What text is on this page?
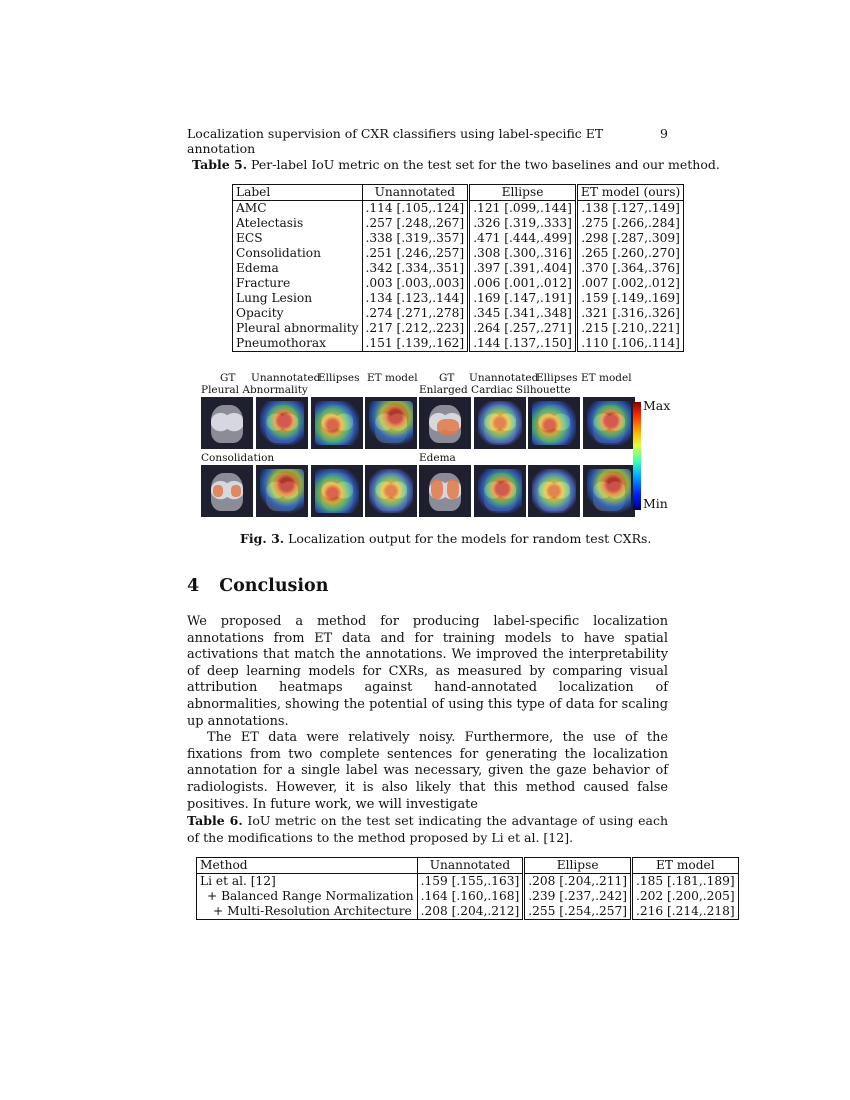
Localization supervision of CXR classifiers using label-specific ET annotation
9
Table 5. Per-label IoU metric on the test set for the two baselines and our method.
Label	Unannotated	Ellipse	ET model (ours)
AMC	.114 [.105,.124]	.121 [.099,.144]	.138 [.127,.149]
Atelectasis	.257 [.248,.267]	.326 [.319,.333]	.275 [.266,.284]
ECS	.338 [.319,.357]	.471 [.444,.499]	.298 [.287,.309]
Consolidation	.251 [.246,.257]	.308 [.300,.316]	.265 [.260,.270]
Edema	.342 [.334,.351]	.397 [.391,.404]	.370 [.364,.376]
Fracture	.003 [.003,.003]	.006 [.001,.012]	.007 [.002,.012]
Lung Lesion	.134 [.123,.144]	.169 [.147,.191]	.159 [.149,.169]
Opacity	.274 [.271,.278]	.345 [.341,.348]	.321 [.316,.326]
Pleural abnormality	.217 [.212,.223]	.264 [.257,.271]	.215 [.210,.221]
Pneumothorax	.151 [.139,.162]	.144 [.137,.150]	.110 [.106,.114]
GT Unannotated
Ellipses ET model GT Unannotated
Ellipses ET model
Pleural Abnormality	Enlarged Cardiac Silhouette
Consolidation	Edema
Max
Min
Fig. 3. Localization output for the models for random test CXRs.
4 Conclusion

We proposed a method for producing label-specific localization annotations from ET data and for training models to have spatial activations that match the annotations. We improved the interpretability of deep learning models for CXRs, as measured by comparing visual attribution heatmaps against hand-annotated localization of abnormalities, showing the potential of using this type of data for scaling up annotations.

The ET data were relatively noisy. Furthermore, the use of the fixations from two complete sentences for generating the localization annotation for a single label was necessary, given the gaze behavior of radiologists. However, it is also likely that this method caused false positives. In future work, we will investigate

Table 6. IoU metric on the test set indicating the advantage of using each of the modifications to the method proposed by Li et al. [12].
Method	Unannotated	Ellipse	ET model
Li et al. [12]	.159 [.155,.163]	.208 [.204,.211]	.185 [.181,.189]
+ Balanced Range Normalization	.164 [.160,.168]	.239 [.237,.242]	.202 [.200,.205]
+ Multi-Resolution Architecture	.208 [.204,.212]	.255 [.254,.257]	.216 [.214,.218]
